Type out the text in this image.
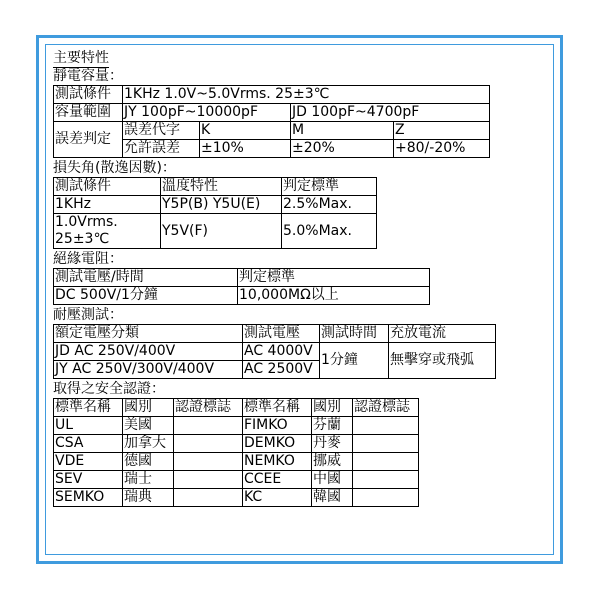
主要特性
靜電容量：
測試條件	1KHz 1.0V~5.0Vrms. 25±3℃			
容量範圍	JY 100pF~10000pF		JD 100pF~4700pF	
誤差判定	誤差代字	K	M	Z
	允許誤差	±10%	±20%	+80/-20%
損失角(散逸因數)：
測試條件	溫度特性	判定標準
1KHz	Y5P(B) Y5U(E)	2.5%Max.

1.0Vrms.
25±3℃	Y5V(F)	5.0%Max.
絕緣電阻：
測試電壓/時間	判定標準
DC 500V/1分鐘	10,000MΩ以上
耐壓測試：
額定電壓分類	測試電壓	測試時間	充放電流
JD AC 250V/400V	AC 4000V	1分鐘	無擊穿或飛弧
JY AC 250V/300V/400V	AC 2500V		
取得之安全認證：
標準名稱	國別	認證標誌	標準名稱	國別	認證標誌
UL	美國		FIMKO	芬蘭	
CSA	加拿大		DEMKO	丹麥	
VDE	德國		NEMKO	挪威	
SEV	瑞士		CCEE	中國	
SEMKO	瑞典		KC	韓國	
